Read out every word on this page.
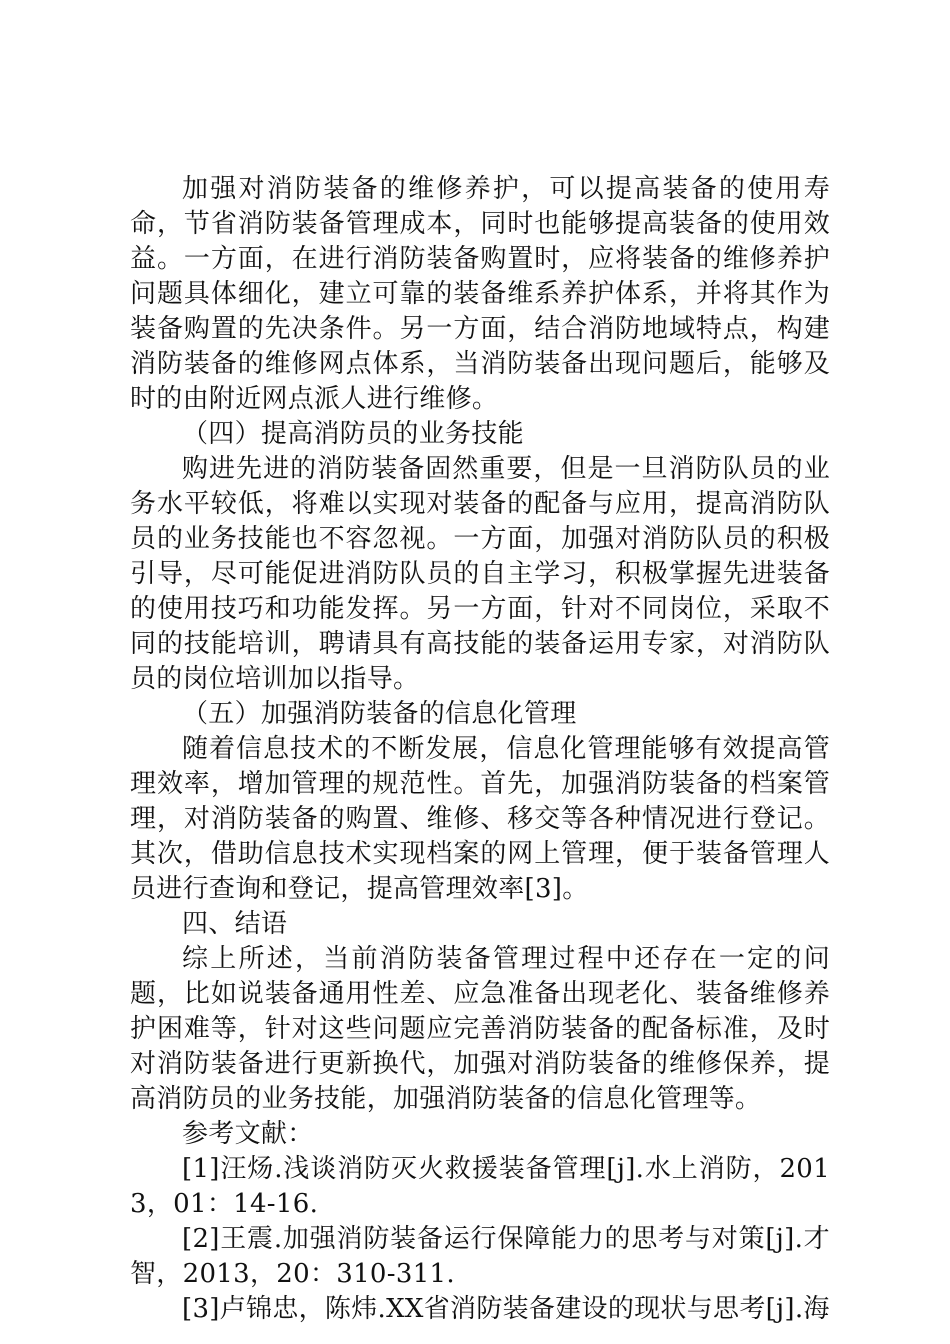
加强对消防装备的维修养护，可以提高装备的使用寿命，节省消防装备管理成本，同时也能够提高装备的使用效益。一方面，在进行消防装备购置时，应将装备的维修养护问题具体细化，建立可靠的装备维系养护体系，并将其作为装备购置的先决条件。另一方面，结合消防地域特点，构建消防装备的维修网点体系，当消防装备出现问题后，能够及时的由附近网点派人进行维修。

（四）提高消防员的业务技能

购进先进的消防装备固然重要，但是一旦消防队员的业务水平较低，将难以实现对装备的配备与应用，提高消防队员的业务技能也不容忽视。一方面，加强对消防队员的积极引导，尽可能促进消防队员的自主学习，积极掌握先进装备的使用技巧和功能发挥。另一方面，针对不同岗位，采取不同的技能培训，聘请具有高技能的装备运用专家，对消防队员的岗位培训加以指导。

（五）加强消防装备的信息化管理

随着信息技术的不断发展，信息化管理能够有效提高管理效率，增加管理的规范性。首先，加强消防装备的档案管理，对消防装备的购置、维修、移交等各种情况进行登记。其次，借助信息技术实现档案的网上管理，便于装备管理人员进行查询和登记，提高管理效率[3]。

四、结语

综上所述，当前消防装备管理过程中还存在一定的问题，比如说装备通用性差、应急准备出现老化、装备维修养护困难等，针对这些问题应完善消防装备的配备标准，及时对消防装备进行更新换代，加强对消防装备的维修保养，提高消防员的业务技能，加强消防装备的信息化管理等。

参考文献：

[1]汪炀.浅谈消防灭火救援装备管理[j].水上消防，2013，01：14-16.

[2]王震.加强消防装备运行保障能力的思考与对策[j].才智，2013，20：310-311.

[3]卢锦忠，陈炜.XX省消防装备建设的现状与思考[j].海
